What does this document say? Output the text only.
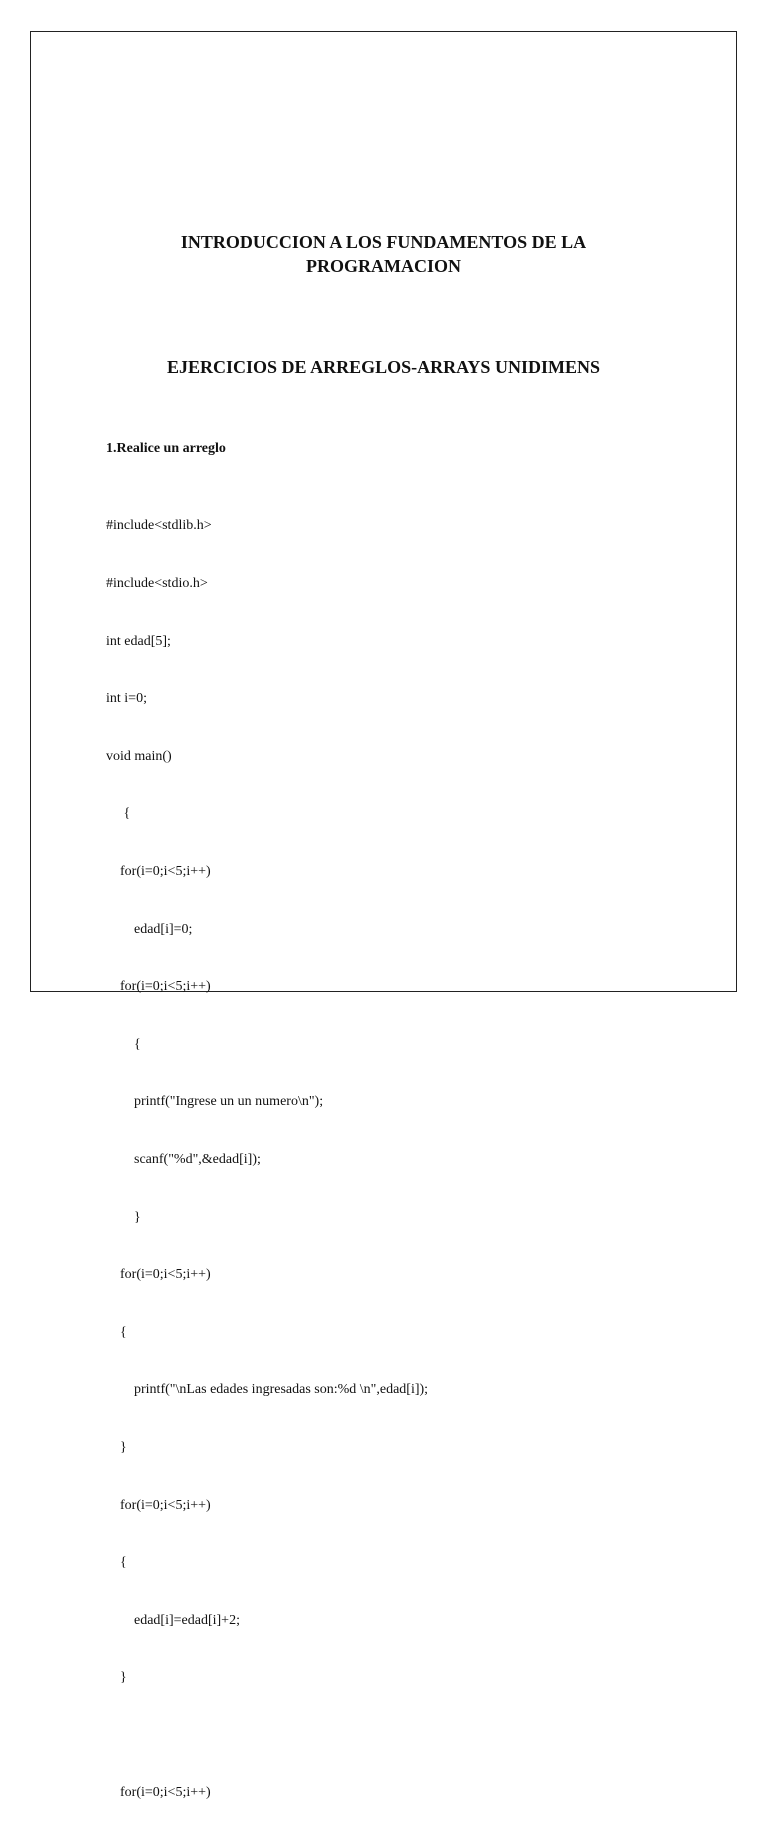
INTRODUCCION A LOS FUNDAMENTOS DE LA
PROGRAMACION
EJERCICIOS DE ARREGLOS-ARRAYS UNIDIMENS
1.Realice un arreglo

#include<stdlib.h>

#include<stdio.h>

int edad[5];

int i=0;

void main()

{

for(i=0;i<5;i++)

edad[i]=0;

for(i=0;i<5;i++)

{

printf("Ingrese un un numero\n");

scanf("%d",&edad[i]);

}

for(i=0;i<5;i++)

{

printf("\nLas edades ingresadas son:%d \n",edad[i]);

}

for(i=0;i<5;i++)

{

edad[i]=edad[i]+2;

}

for(i=0;i<5;i++)
